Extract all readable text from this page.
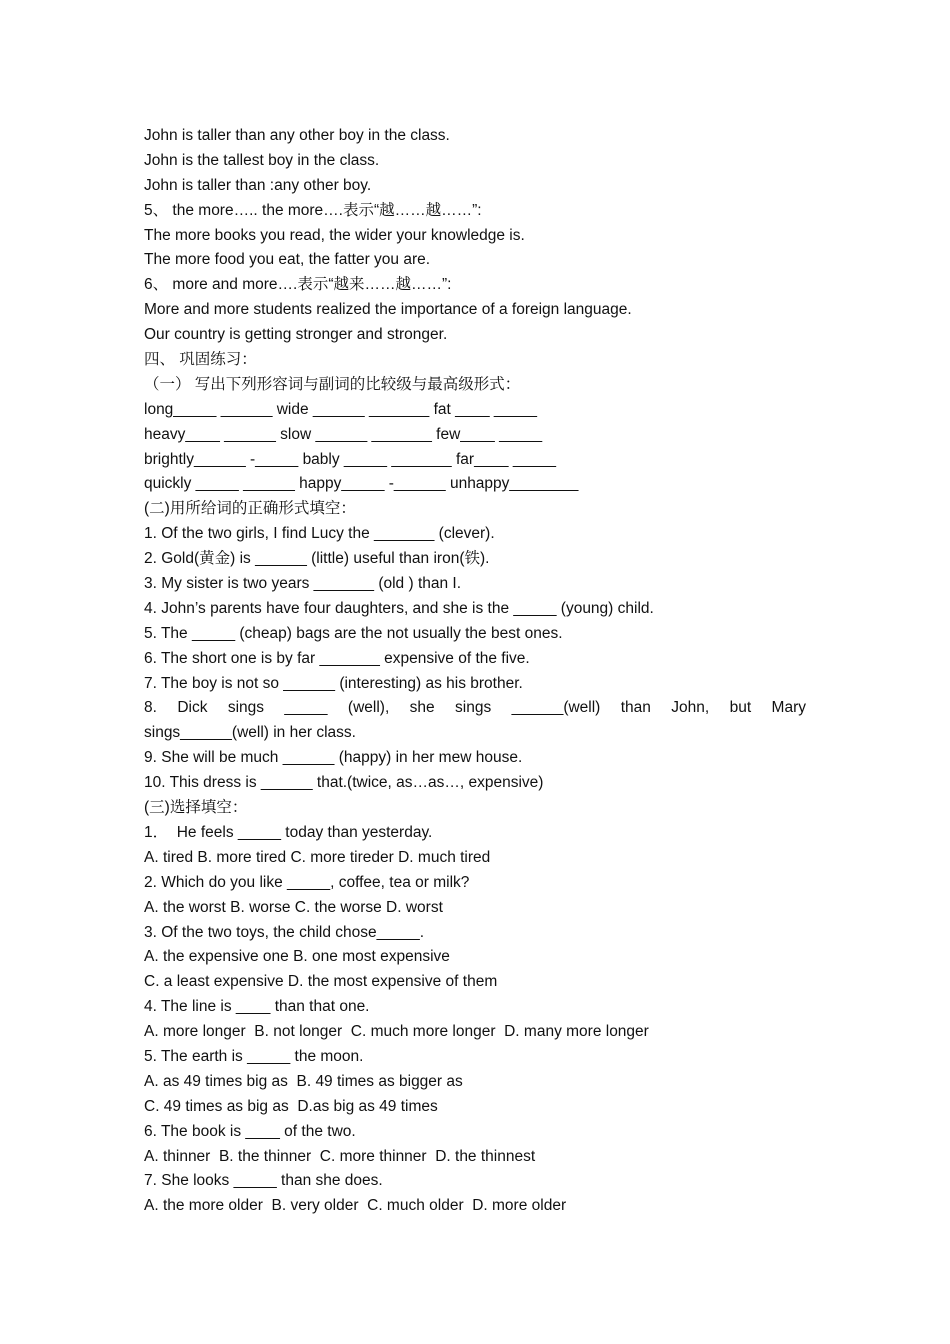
John is taller than any other boy in the class.
John is the tallest boy in the class.
John is taller than :any other boy.
5、 the more….. the more….表示“越……越……”:
The more books you read, the wider your knowledge is.
The more food you eat, the fatter you are.
6、 more and more….表示“越来……越……”:
More and more students realized the importance of a foreign language.
Our country is getting stronger and stronger.
四、 巩固练习：
（一） 写出下列形容词与副词的比较级与最高级形式：
long_____ ______ wide ______ _______ fat ____ _____
heavy____ ______ slow ______ _______ few____ _____
brightly______ -_____ bably _____ _______ far____ _____
quickly _____ ______ happy_____ -______ unhappy________
(二)用所给词的正确形式填空：
1. Of the two girls, I find Lucy the _______ (clever).
2. Gold(黄金) is ______ (little) useful than iron(铁).
3. My sister is two years _______ (old ) than I.
4. John’s parents have four daughters, and she is the _____ (young) child.
5. The _____ (cheap) bags are the not usually the best ones.
6. The short one is by far _______ expensive of the five.
7. The boy is not so ______ (interesting) as his brother.
8. Dick sings _____ (well), she sings ______(well) than John, but Mary
sings______(well) in her class.
9. She will be much ______ (happy) in her mew house.
10. This dress is ______ that.(twice, as…as…, expensive)
(三)选择填空：
1．  He feels _____ today than yesterday.
A. tired B. more tired C. more tireder D. much tired
2. Which do you like _____, coffee, tea or milk?
A. the worst B. worse C. the worse D. worst
3. Of the two toys, the child chose_____.
A. the expensive one B. one most expensive
C. a least expensive D. the most expensive of them
4. The line is ____ than that one.
A. more longer  B. not longer  C. much more longer  D. many more longer
5. The earth is _____ the moon.
A. as 49 times big as  B. 49 times as bigger as
C. 49 times as big as  D.as big as 49 times
6. The book is ____ of the two.
A. thinner  B. the thinner  C. more thinner  D. the thinnest
7. She looks _____ than she does.
A. the more older  B. very older  C. much older  D. more older
